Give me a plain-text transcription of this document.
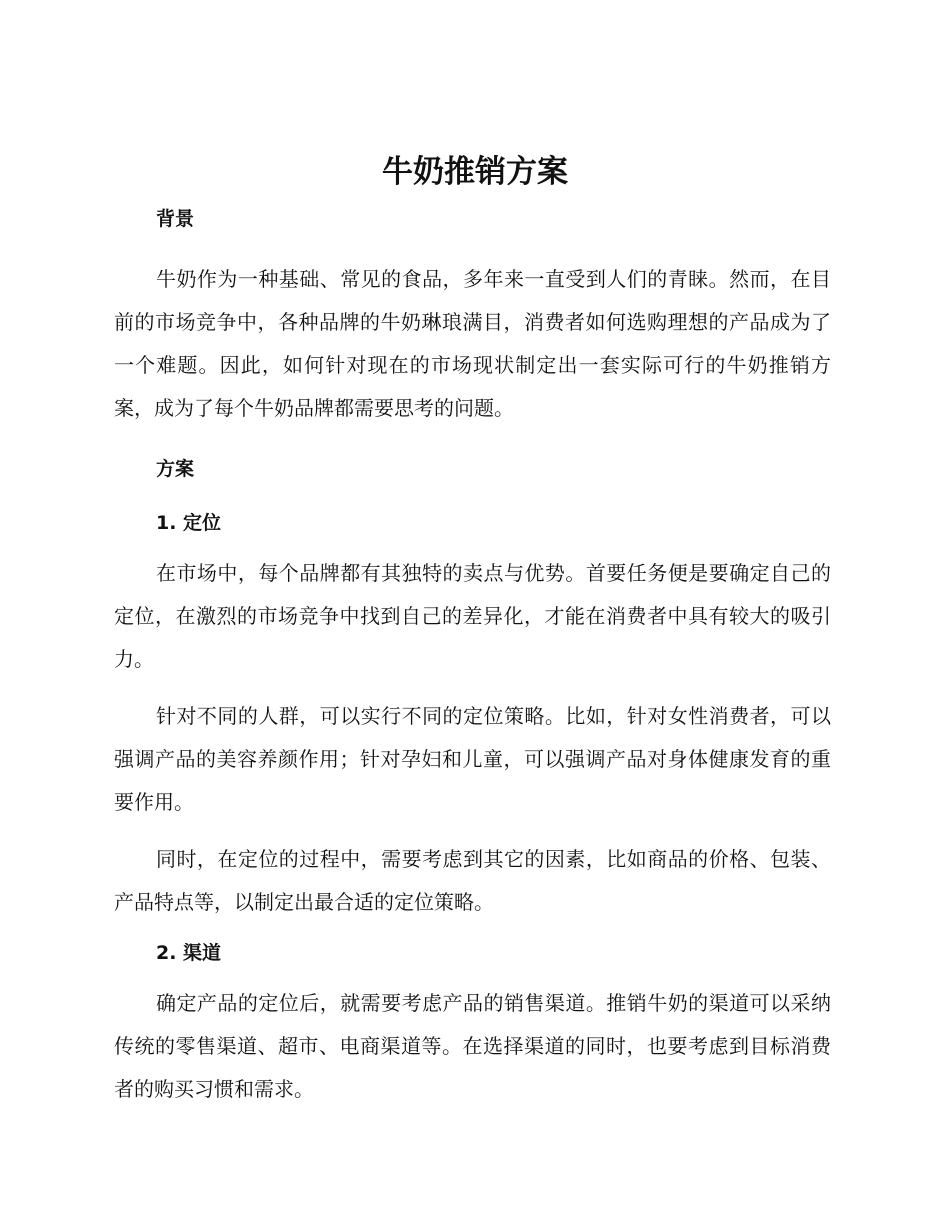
牛奶推销方案
背景

牛奶作为一种基础、常见的食品，多年来一直受到人们的青睐。然而，在目前的市场竞争中，各种品牌的牛奶琳琅满目，消费者如何选购理想的产品成为了一个难题。因此，如何针对现在的市场现状制定出一套实际可行的牛奶推销方案，成为了每个牛奶品牌都需要思考的问题。

方案
1. 定位

在市场中，每个品牌都有其独特的卖点与优势。首要任务便是要确定自己的定位，在激烈的市场竞争中找到自己的差异化，才能在消费者中具有较大的吸引力。

针对不同的人群，可以实行不同的定位策略。比如，针对女性消费者，可以强调产品的美容养颜作用；针对孕妇和儿童，可以强调产品对身体健康发育的重要作用。

同时，在定位的过程中，需要考虑到其它的因素，比如商品的价格、包装、产品特点等，以制定出最合适的定位策略。

2. 渠道

确定产品的定位后，就需要考虑产品的销售渠道。推销牛奶的渠道可以采纳传统的零售渠道、超市、电商渠道等。在选择渠道的同时，也要考虑到目标消费者的购买习惯和需求。
